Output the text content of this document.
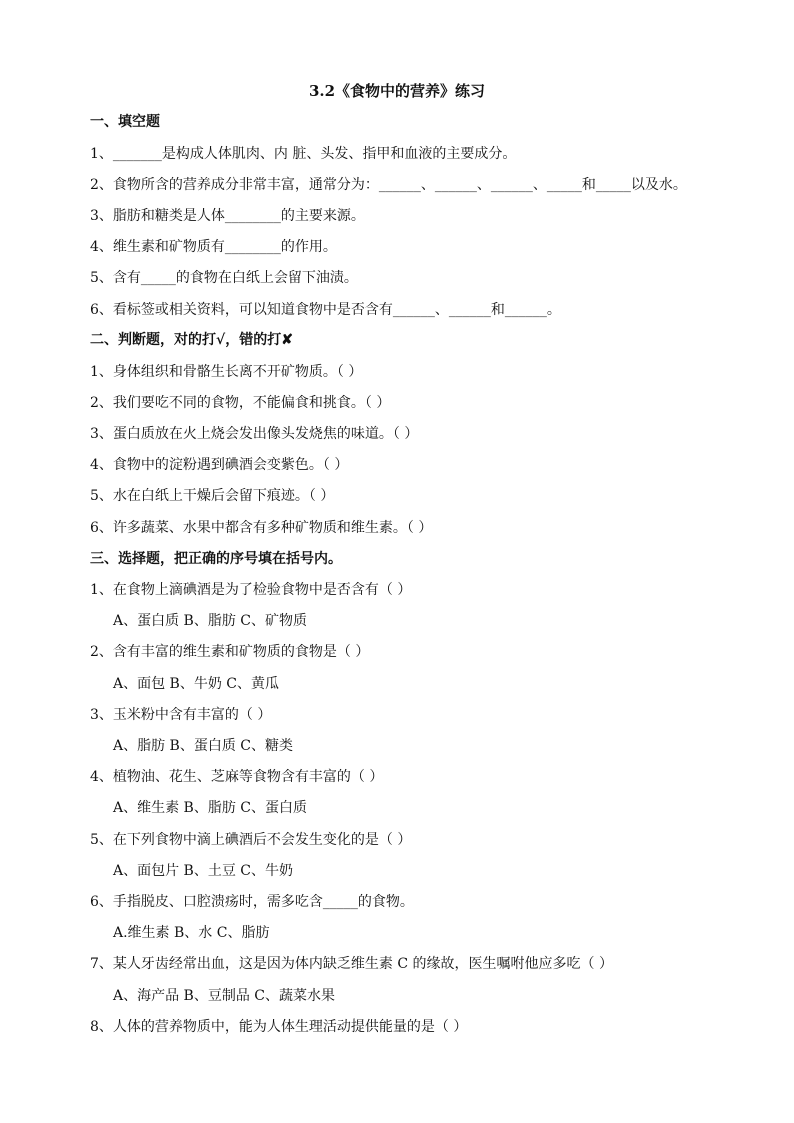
3.2《食物中的营养》练习
一、填空题
1、_______是构成人体肌肉、内 脏、头发、指甲和血液的主要成分。
2、食物所含的营养成分非常丰富，通常分为：______、______、______、_____和_____以及水。
3、脂肪和糖类是人体________的主要来源。
4、维生素和矿物质有________的作用。
5、含有_____的食物在白纸上会留下油渍。
6、看标签或相关资料，可以知道食物中是否含有______、______和______。
二、判断题，对的打√，错的打✘
1、身体组织和骨骼生长离不开矿物质。（ ）
2、我们要吃不同的食物，不能偏食和挑食。（ ）
3、蛋白质放在火上烧会发出像头发烧焦的味道。（ ）
4、食物中的淀粉遇到碘酒会变紫色。（ ）
5、水在白纸上干燥后会留下痕迹。（ ）
6、许多蔬菜、水果中都含有多种矿物质和维生素。（ ）
三、选择题，把正确的序号填在括号内。
1、在食物上滴碘酒是为了检验食物中是否含有（ ）
A、蛋白质 B、脂肪 C、矿物质
2、含有丰富的维生素和矿物质的食物是（ ）
A、面包 B、牛奶 C、黄瓜
3、玉米粉中含有丰富的（ ）
A、脂肪 B、蛋白质 C、糖类
4、植物油、花生、芝麻等食物含有丰富的（ ）
A、维生素 B、脂肪 C、蛋白质
5、在下列食物中滴上碘酒后不会发生变化的是（ ）
A、面包片 B、土豆 C、牛奶
6、手指脱皮、口腔溃疡时，需多吃含_____的食物。
A.维生素 B、水 C、脂肪
7、某人牙齿经常出血，这是因为体内缺乏维生素 C 的缘故，医生嘱咐他应多吃（ ）
A、海产品 B、豆制品 C、蔬菜水果
8、人体的营养物质中，能为人体生理活动提供能量的是（ ）
